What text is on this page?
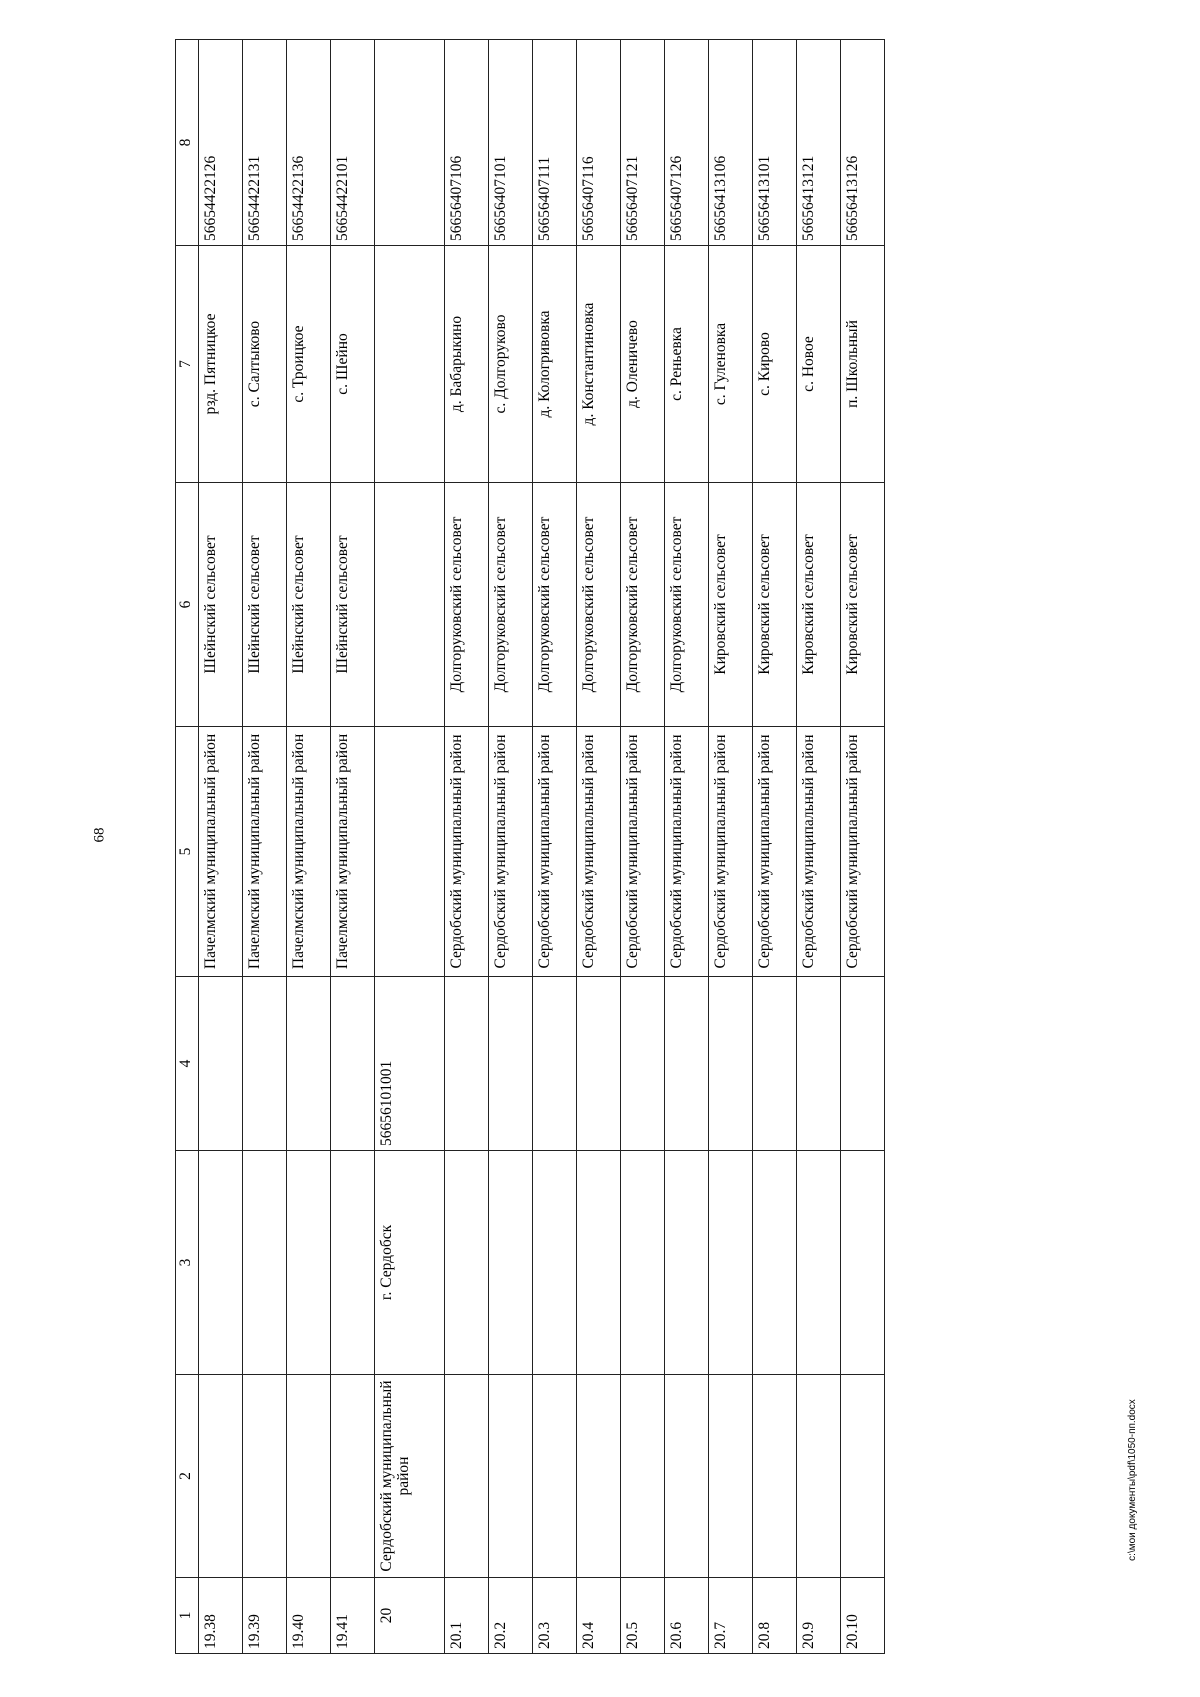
68
1	2	3	4	5	6	7	8
19.38				Пачелмский муниципальный район	Шейнский сельсовет	рзд. Пятницкое	56654422126
19.39				Пачелмский муниципальный район	Шейнский сельсовет	с. Салтыково	56654422131
19.40				Пачелмский муниципальный район	Шейнский сельсовет	с. Троицкое	56654422136
19.41				Пачелмский муниципальный район	Шейнский сельсовет	с. Шейно	56654422101
20	Сердобский муниципальный район	г. Сердобск	56656101001				
20.1				Сердобский муниципальный район	Долгоруковский сельсовет	д. Бабарыкино	56656407106
20.2				Сердобский муниципальный район	Долгоруковский сельсовет	с. Долгоруково	56656407101
20.3				Сердобский муниципальный район	Долгоруковский сельсовет	д. Кологривовка	56656407111
20.4				Сердобский муниципальный район	Долгоруковский сельсовет	д. Константиновка	56656407116
20.5				Сердобский муниципальный район	Долгоруковский сельсовет	д. Оленичево	56656407121
20.6				Сердобский муниципальный район	Долгоруковский сельсовет	с. Реньевка	56656407126
20.7				Сердобский муниципальный район	Кировский сельсовет	с. Гуленовка	56656413106
20.8				Сердобский муниципальный район	Кировский сельсовет	с. Кирово	56656413101
20.9				Сердобский муниципальный район	Кировский сельсовет	с. Новое	56656413121
20.10				Сердобский муниципальный район	Кировский сельсовет	п. Школьный	56656413126
c:\мои документы\pdf\1050-пп.docx
